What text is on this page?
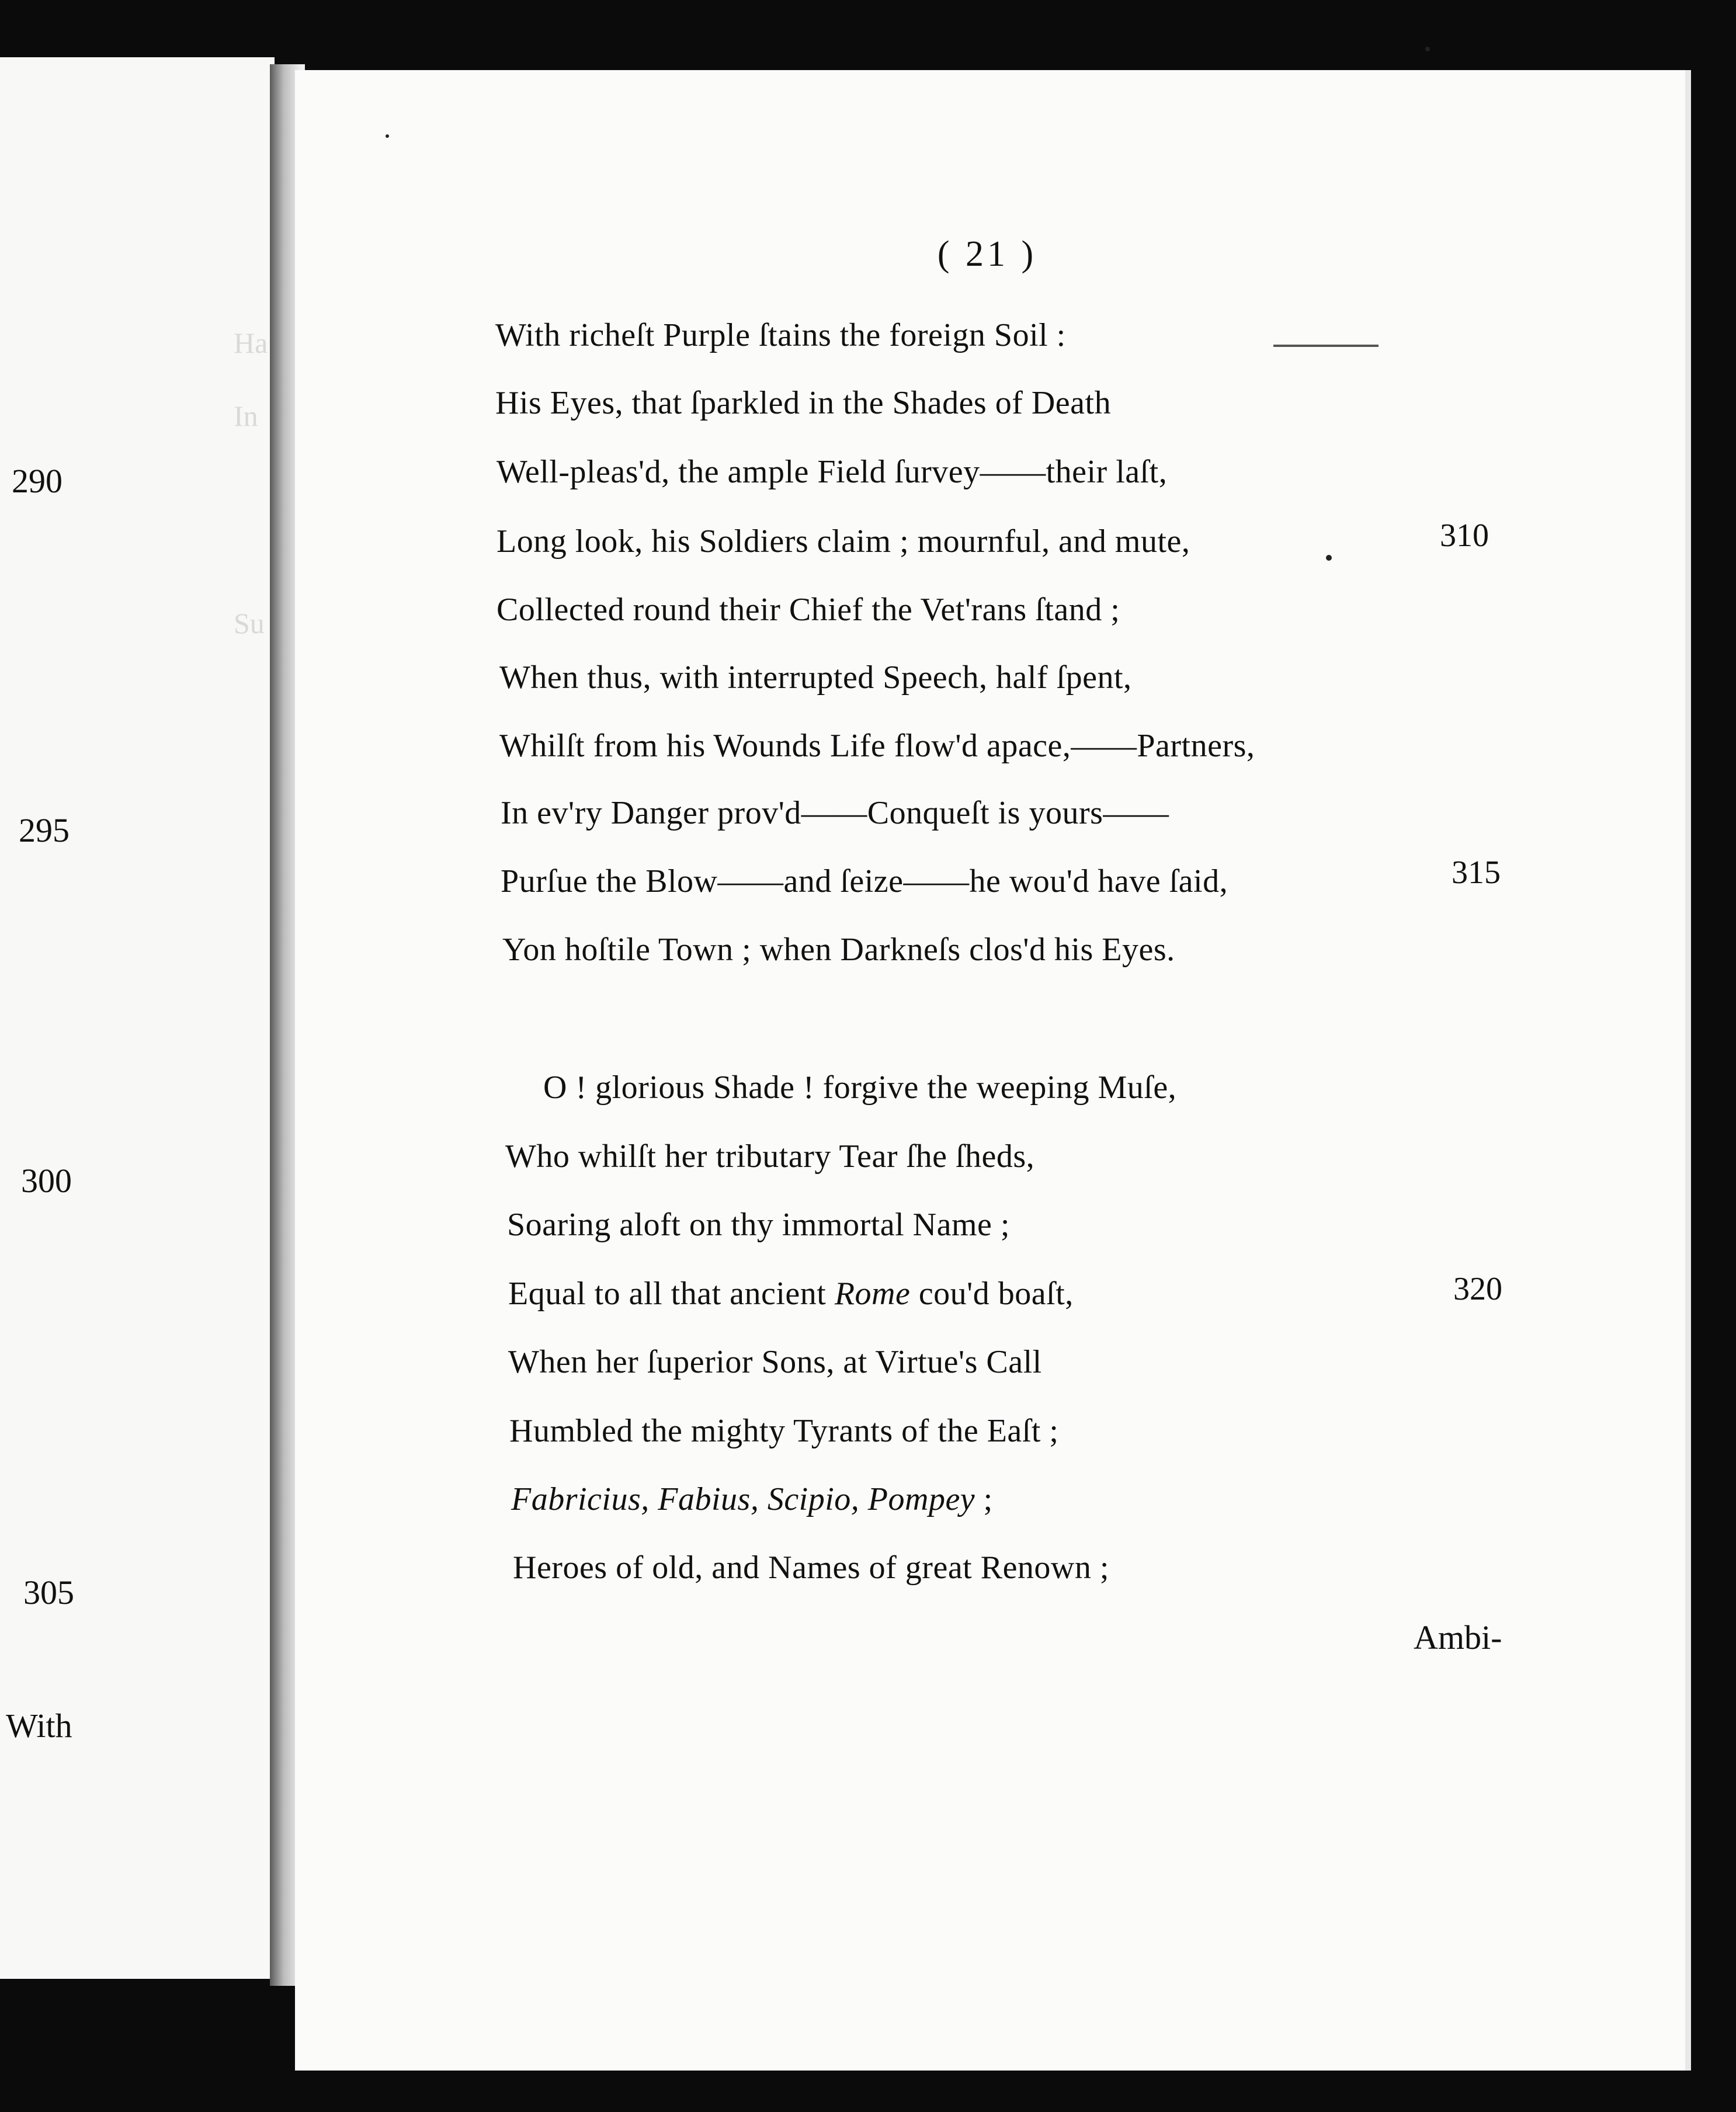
Ha
In
Su
290
295
300
305
With
( 21 )
With richeſt Purple ſtains the foreign Soil :
His Eyes, that ſparkled in the Shades of Death
Well-pleas'd, the ample Field ſurvey——their laſt,
Long look, his Soldiers claim ; mournful, and mute,
Collected round their Chief the Vet'rans ſtand ;
When thus, with interrupted Speech, half ſpent,
Whilſt from his Wounds Life flow'd apace,——Partners,
In ev'ry Danger prov'd——Conqueſt is yours——
Purſue the Blow——and ſeize——he wou'd have ſaid,
Yon hoſtile Town ; when Darkneſs clos'd his Eyes.
O ! glorious Shade ! forgive the weeping Muſe,
Who whilſt her tributary Tear ſhe ſheds,
Soaring aloft on thy immortal Name ;
Equal to all that ancient Rome cou'd boaſt,
When her ſuperior Sons, at Virtue's Call
Humbled the mighty Tyrants of the Eaſt ;
Fabricius, Fabius, Scipio, Pompey ;
Heroes of old, and Names of great Renown ;
310
315
320
Ambi-
